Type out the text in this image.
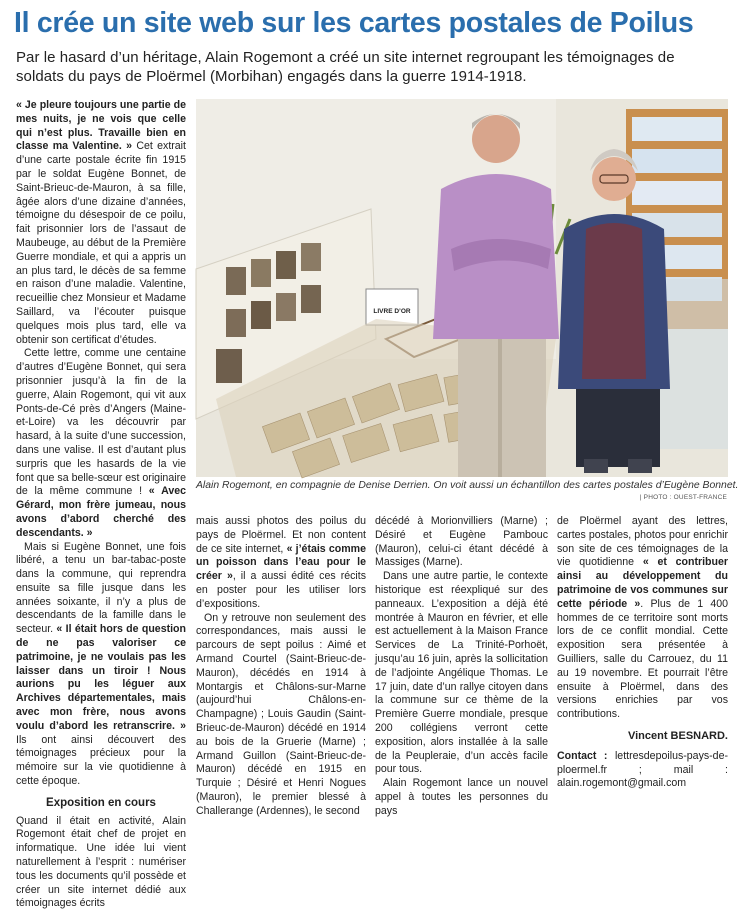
Il crée un site web sur les cartes postales de Poilus
Par le hasard d’un héritage, Alain Rogemont a créé un site internet regroupant les témoignages de soldats du pays de Ploërmel (Morbihan) engagés dans la guerre 1914-1918.

« Je pleure toujours une partie de mes nuits, je ne vois que celle qui n’est plus. Travaille bien en classe ma Valentine. » Cet extrait d’une carte postale écrite fin 1915 par le soldat Eugène Bonnet, de Saint-Brieuc-de-Mauron, à sa fille, âgée alors d’une dizaine d’années, témoigne du désespoir de ce poilu, fait prisonnier lors de l’assaut de Maubeuge, au début de la Première Guerre mondiale, et qui a appris un an plus tard, le décès de sa femme en raison d’une maladie. Valentine, recueillie chez Monsieur et Madame Saillard, va l’écouter puisque quelques mois plus tard, elle va obtenir son certificat d’études.

Cette lettre, comme une centaine d’autres d’Eugène Bonnet, qui sera prisonnier jusqu’à la fin de la guerre, Alain Rogemont, qui vit aux Ponts-de-Cé près d’Angers (Maine-et-Loire) va les découvrir par hasard, à la suite d’une succession, dans une valise. Il est d’autant plus surpris que les hasards de la vie font que sa belle-sœur est originaire de la même commune ! « Avec Gérard, mon frère jumeau, nous avons d’abord cherché des descendants. »

Mais si Eugène Bonnet, une fois libéré, a tenu un bar-tabac-poste dans la commune, qui reprendra ensuite sa fille jusque dans les années soixante, il n’y a plus de descendants de la famille dans le secteur. « Il était hors de question de ne pas valoriser ce patrimoine, je ne voulais pas les laisser dans un tiroir ! Nous aurions pu les léguer aux Archives départementales, mais avec mon frère, nous avons voulu d’abord les retranscrire. » Ils ont ainsi découvert des témoignages précieux pour la mémoire sur la vie quotidienne à cette époque.

Exposition en cours

Quand il était en activité, Alain Rogemont était chef de projet en informatique. Une idée lui vient naturellement à l’esprit : numériser tous les documents qu’il possède et créer un site internet dédié aux témoignages écrits

LIVRE D’OR
Alain Rogemont, en compagnie de Denise Derrien. On voit aussi un échantillon des cartes postales d’Eugène Bonnet.
| PHOTO : OUEST-FRANCE

mais aussi photos des poilus du pays de Ploërmel. Et non content de ce site internet, « j’étais comme un poisson dans l’eau pour le créer », il a aussi édité ces récits en poster pour les utiliser lors d’expositions.

On y retrouve non seulement des correspondances, mais aussi le parcours de sept poilus : Aimé et Armand Courtel (Saint-Brieuc-de-Mauron), décédés en 1914 à Montargis et Châlons-sur-Marne (aujourd’hui Châlons-en-Champagne) ; Louis Gaudin (Saint-Brieuc-de-Mauron) décédé en 1914 au bois de la Gruerie (Marne) ; Armand Guillon (Saint-Brieuc-de-Mauron) décédé en 1915 en Turquie ; Désiré et Henri Nogues (Mauron), le premier blessé à Challerange (Ardennes), le second

décédé à Morionvilliers (Marne) ; Désiré et Eugène Pambouc (Mauron), celui-ci étant décédé à Massiges (Marne).

Dans une autre partie, le contexte historique est réexpliqué sur des panneaux. L’exposition a déjà été montrée à Mauron en février, et elle est actuellement à la Maison France Services de La Trinité-Porhoët, jusqu’au 16 juin, après la sollicitation de l’adjointe Angélique Thomas. Le 17 juin, date d’un rallye citoyen dans la commune sur ce thème de la Première Guerre mondiale, presque 200 collégiens verront cette exposition, alors installée à la salle de la Peupleraie, d’un accès facile pour tous.

Alain Rogemont lance un nouvel appel à toutes les personnes du pays

de Ploërmel ayant des lettres, cartes postales, photos pour enrichir son site de ces témoignages de la vie quotidienne « et contribuer ainsi au développement du patrimoine de vos communes sur cette période ». Plus de 1 400 hommes de ce territoire sont morts lors de ce conflit mondial. Cette exposition sera présentée à Guilliers, salle du Carrouez, du 11 au 19 novembre. Et pourrait l’être ensuite à Ploërmel, dans des versions enrichies par vos contributions.

Vincent BESNARD.

Contact : lettresdepoilus-pays-de-ploermel.fr ; mail : alain.rogemont@gmail.com
